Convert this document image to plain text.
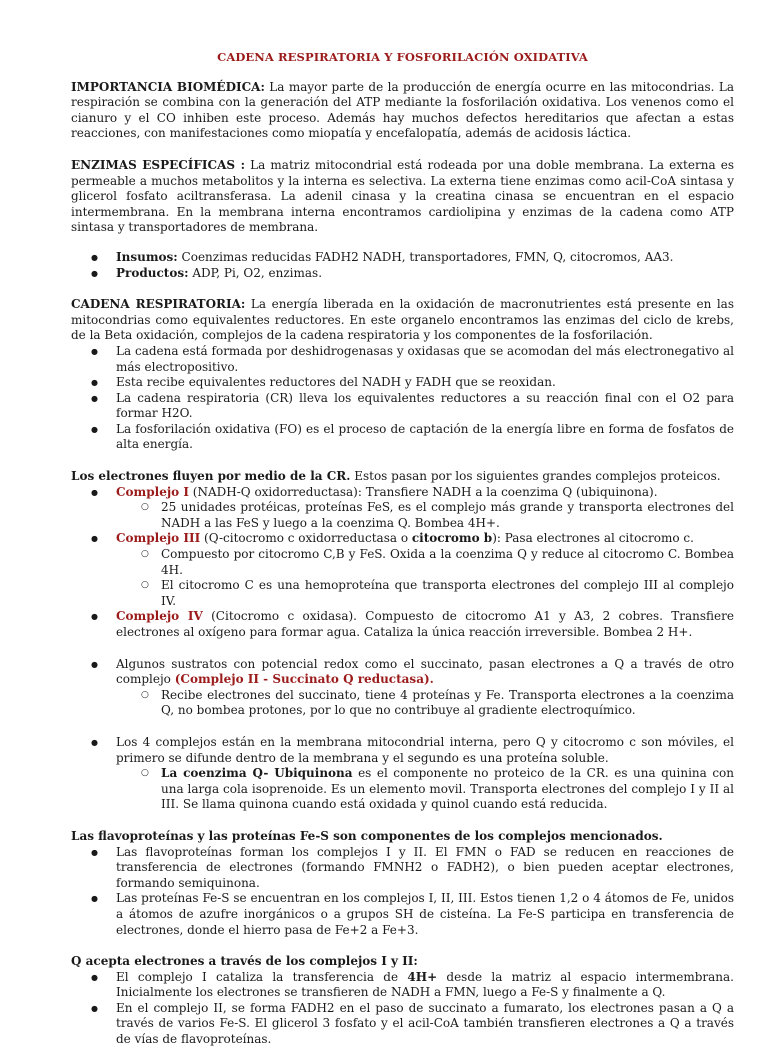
CADENA RESPIRATORIA Y FOSFORILACIÓN OXIDATIVA

IMPORTANCIA BIOMÉDICA: La mayor parte de la producción de energía ocurre en las mitocondrias. La respiración se combina con la generación del ATP mediante la fosforilación oxidativa. Los venenos como el cianuro y el CO inhiben este proceso. Además hay muchos defectos hereditarios que afectan a estas reacciones, con manifestaciones como miopatía y encefalopatía, además de acidosis láctica.

ENZIMAS ESPECÍFICAS : La matriz mitocondrial está rodeada por una doble membrana. La externa es permeable a muchos metabolitos y la interna es selectiva. La externa tiene enzimas como acil-CoA sintasa y glicerol fosfato aciltransferasa. La adenil cinasa y la creatina cinasa se encuentran en el espacio intermembrana. En la membrana interna encontramos cardiolipina y enzimas de la cadena como ATP sintasa y transportadores de membrana.

● Insumos: Coenzimas reducidas FADH2 NADH, transportadores, FMN, Q, citocromos, AA3.
● Productos: ADP, Pi, O2, enzimas.

CADENA RESPIRATORIA: La energía liberada en la oxidación de macronutrientes está presente en las mitocondrias como equivalentes reductores. En este organelo encontramos las enzimas del ciclo de krebs, de la Beta oxidación, complejos de la cadena respiratoria y los componentes de la fosforilación.

● La cadena está formada por deshidrogenasas y oxidasas que se acomodan del más electronegativo al más electropositivo.
● Esta recibe equivalentes reductores del NADH y FADH que se reoxidan.
● La cadena respiratoria (CR) lleva los equivalentes reductores a su reacción final con el O2 para formar H2O.
● La fosforilación oxidativa (FO) es el proceso de captación de la energía libre en forma de fosfatos de alta energía.

Los electrones fluyen por medio de la CR. Estos pasan por los siguientes grandes complejos proteicos.

● Complejo I (NADH-Q oxidorreductasa): Transfiere NADH a la coenzima Q (ubiquinona).
○ 25 unidades protéicas, proteínas FeS, es el complejo más grande y transporta electrones del NADH a las FeS y luego a la coenzima Q. Bombea 4H+.
● Complejo III (Q-citocromo c oxidorreductasa o citocromo b): Pasa electrones al citocromo c.
○ Compuesto por citocromo C,B y FeS. Oxida a la coenzima Q y reduce al citocromo C. Bombea 4H.
○ El citocromo C es una hemoproteína que transporta electrones del complejo III al complejo IV.
● Complejo IV (Citocromo c oxidasa). Compuesto de citocromo A1 y A3, 2 cobres. Transfiere electrones al oxígeno para formar agua. Cataliza la única reacción irreversible. Bombea 2 H+.
● Algunos sustratos con potencial redox como el succinato, pasan electrones a Q a través de otro complejo (Complejo II - Succinato Q reductasa).
○ Recibe electrones del succinato, tiene 4 proteínas y Fe. Transporta electrones a la coenzima Q, no bombea protones, por lo que no contribuye al gradiente electroquímico.
● Los 4 complejos están en la membrana mitocondrial interna, pero Q y citocromo c son móviles, el primero se difunde dentro de la membrana y el segundo es una proteína soluble.
○ La coenzima Q- Ubiquinona es el componente no proteico de la CR. es una quinina con una larga cola isoprenoide. Es un elemento movil. Transporta electrones del complejo I y II al III. Se llama quinona cuando está oxidada y quinol cuando está reducida.

Las flavoproteínas y las proteínas Fe-S son componentes de los complejos mencionados.

● Las flavoproteínas forman los complejos I y II. El FMN o FAD se reducen en reacciones de transferencia de electrones (formando FMNH2 o FADH2), o bien pueden aceptar electrones, formando semiquinona.
● Las proteínas Fe-S se encuentran en los complejos I, II, III. Estos tienen 1,2 o 4 átomos de Fe, unidos a átomos de azufre inorgánicos o a grupos SH de cisteína. La Fe-S participa en transferencia de electrones, donde el hierro pasa de Fe+2 a Fe+3.

Q acepta electrones a través de los complejos I y II:

● El complejo I cataliza la transferencia de 4H+ desde la matriz al espacio intermembrana. Inicialmente los electrones se transfieren de NADH a FMN, luego a Fe-S y finalmente a Q.
● En el complejo II, se forma FADH2 en el paso de succinato a fumarato, los electrones pasan a Q a través de varios Fe-S. El glicerol 3 fosfato y el acil-CoA también transfieren electrones a Q a través de vías de flavoproteínas.
